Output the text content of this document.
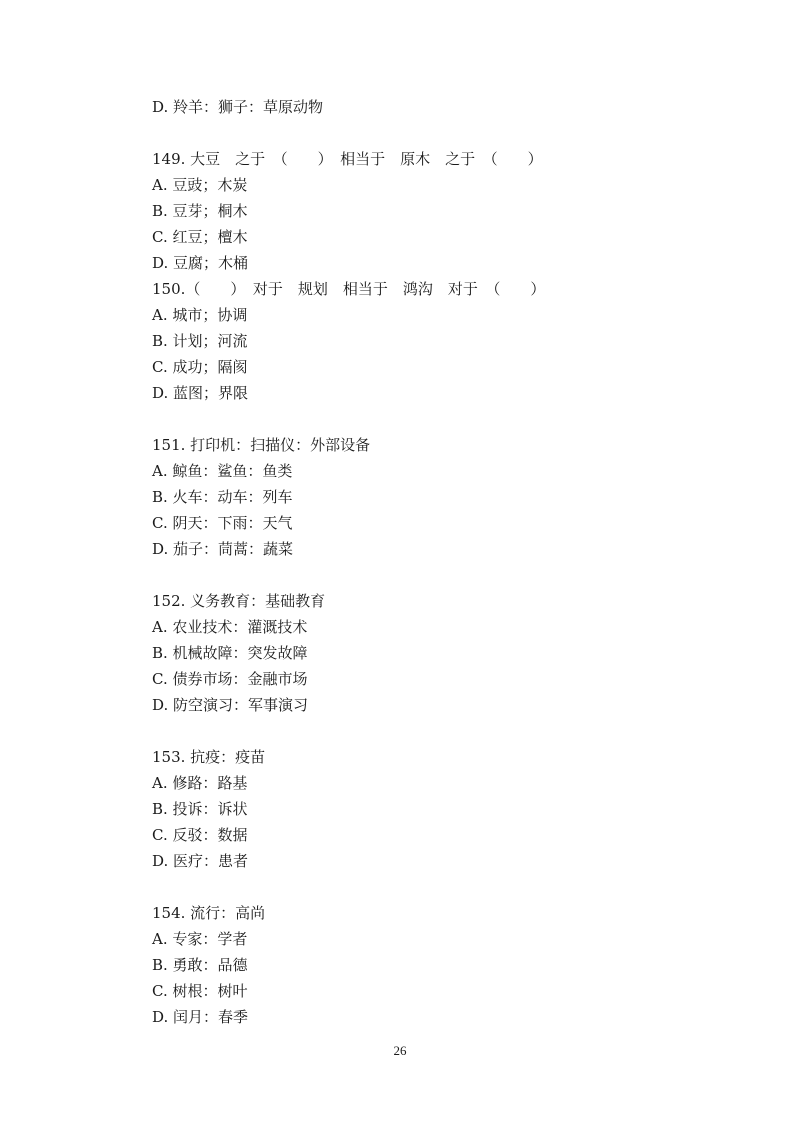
D. 羚羊：狮子：草原动物
149. 大豆　之于　（　　）　相当于　原木　之于　（　　）
A. 豆豉；木炭
B. 豆芽；桐木
C. 红豆；檀木
D. 豆腐；木桶
150.（　　）　对于　规划　相当于　鸿沟　对于　（　　）
A. 城市；协调
B. 计划；河流
C. 成功；隔阂
D. 蓝图；界限
151. 打印机：扫描仪：外部设备
A. 鲸鱼：鲨鱼：鱼类
B. 火车：动车：列车
C. 阴天：下雨：天气
D. 茄子：茼蒿：蔬菜
152. 义务教育：基础教育
A. 农业技术：灌溉技术
B. 机械故障：突发故障
C. 债券市场：金融市场
D. 防空演习：军事演习
153. 抗疫：疫苗
A. 修路：路基
B. 投诉：诉状
C. 反驳：数据
D. 医疗：患者
154. 流行：高尚
A. 专家：学者
B. 勇敢：品德
C. 树根：树叶
D. 闰月：春季
26
